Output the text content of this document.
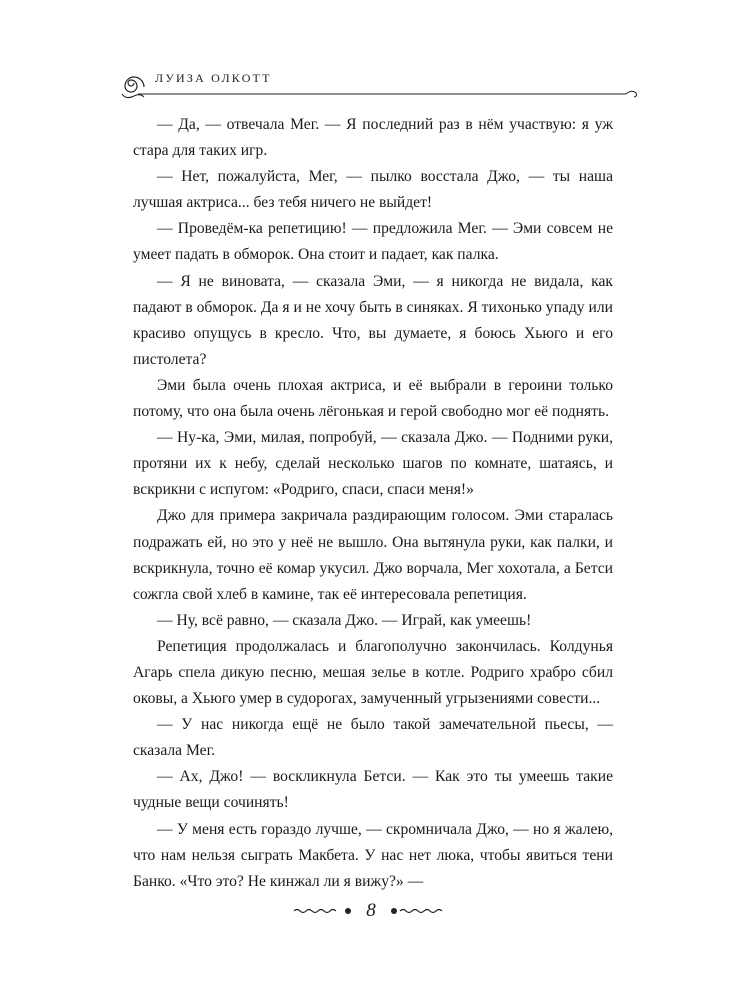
ЛУИЗА ОЛКОТТ

— Да, — отвечала Мег. — Я последний раз в нём участвую: я уж стара для таких игр.

— Нет, пожалуйста, Мег, — пылко восстала Джо, — ты наша лучшая актриса... без тебя ничего не выйдет!

— Проведём-ка репетицию! — предложила Мег. — Эми совсем не умеет падать в обморок. Она стоит и падает, как палка.

— Я не виновата, — сказала Эми, — я никогда не видала, как падают в обморок. Да я и не хочу быть в синяках. Я тихонько упаду или красиво опущусь в кресло. Что, вы думаете, я боюсь Хьюго и его пистолета?

Эми была очень плохая актриса, и её выбрали в героини только потому, что она была очень лёгонькая и герой свободно мог её поднять.

— Ну-ка, Эми, милая, попробуй, — сказала Джо. — Подними руки, протяни их к небу, сделай несколько шагов по комнате, шатаясь, и вскрикни с испугом: «Родриго, спаси, спаси меня!»

Джо для примера закричала раздирающим голосом. Эми старалась подражать ей, но это у неё не вышло. Она вытянула руки, как палки, и вскрикнула, точно её комар укусил. Джо ворчала, Мег хохотала, а Бетси сожгла свой хлеб в камине, так её интересовала репетиция.

— Ну, всё равно, — сказала Джо. — Играй, как умеешь!

Репетиция продолжалась и благополучно закончилась. Колдунья Агарь спела дикую песню, мешая зелье в котле. Родриго храбро сбил оковы, а Хьюго умер в судорогах, замученный угрызениями совести...

— У нас никогда ещё не было такой замечательной пьесы, — сказала Мег.

— Ах, Джо! — воскликнула Бетси. — Как это ты умеешь такие чудные вещи сочинять!

— У меня есть гораздо лучше, — скромничала Джо, — но я жалею, что нам нельзя сыграть Макбета. У нас нет люка, чтобы явиться тени Банко. «Что это? Не кинжал ли я вижу?» —

8
